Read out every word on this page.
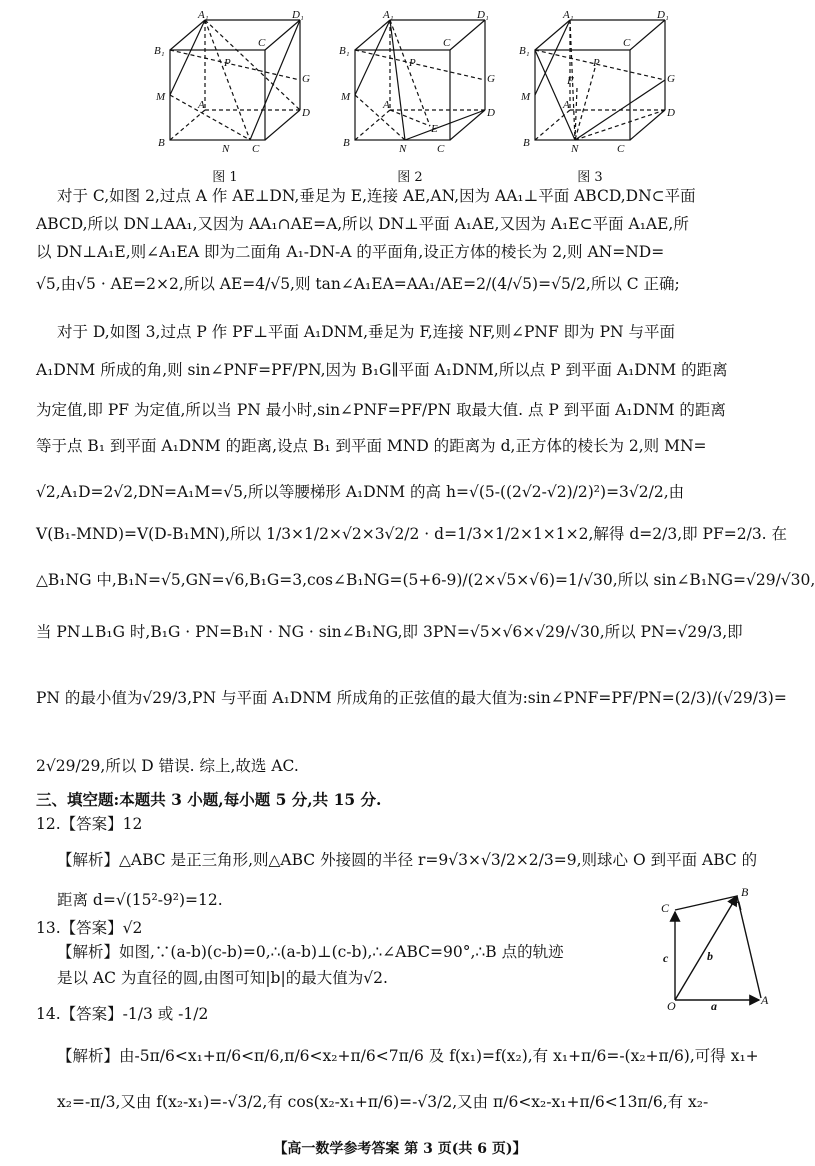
A₁	D₁
B₁
C
P
G
M
A
D
B	N C
图 1
A₁	D₁
B₁
C
P
G
M
A
D
B	N	C
E
图 2
A₁	D₁
B₁
C
P
G
M
A
D
B	N	C
F
图 3
对于 C,如图 2,过点 A 作 AE⊥DN,垂足为 E,连接 AE,AN,因为 AA₁⊥平面 ABCD,DN⊂平面
ABCD,所以 DN⊥AA₁,又因为 AA₁∩AE=A,所以 DN⊥平面 A₁AE,又因为 A₁E⊂平面 A₁AE,所
以 DN⊥A₁E,则∠A₁EA 即为二面角 A₁-DN-A 的平面角,设正方体的棱长为 2,则 AN=ND=
√5,由√5 · AE=2×2,所以 AE=4/√5,则 tan∠A₁EA=AA₁/AE=2/(4/√5)=√5/2,所以 C 正确;
对于 D,如图 3,过点 P 作 PF⊥平面 A₁DNM,垂足为 F,连接 NF,则∠PNF 即为 PN 与平面
A₁DNM 所成的角,则 sin∠PNF=PF/PN,因为 B₁G∥平面 A₁DNM,所以点 P 到平面 A₁DNM 的距离
为定值,即 PF 为定值,所以当 PN 最小时,sin∠PNF=PF/PN 取最大值. 点 P 到平面 A₁DNM 的距离
等于点 B₁ 到平面 A₁DNM 的距离,设点 B₁ 到平面 MND 的距离为 d,正方体的棱长为 2,则 MN=
√2,A₁D=2√2,DN=A₁M=√5,所以等腰梯形 A₁DNM 的高 h=√(5-((2√2-√2)/2)²)=3√2/2,由
V(B₁-MND)=V(D-B₁MN),所以 1/3×1/2×√2×3√2/2 · d=1/3×1/2×1×1×2,解得 d=2/3,即 PF=2/3. 在
△B₁NG 中,B₁N=√5,GN=√6,B₁G=3,cos∠B₁NG=(5+6-9)/(2×√5×√6)=1/√30,所以 sin∠B₁NG=√29/√30,
当 PN⊥B₁G 时,B₁G · PN=B₁N · NG · sin∠B₁NG,即 3PN=√5×√6×√29/√30,所以 PN=√29/3,即
PN 的最小值为√29/3,PN 与平面 A₁DNM 所成角的正弦值的最大值为:sin∠PNF=PF/PN=(2/3)/(√29/3)=
2√29/29,所以 D 错误. 综上,故选 AC.
三、填空题:本题共 3 小题,每小题 5 分,共 15 分.
12.【答案】12
【解析】△ABC 是正三角形,则△ABC 外接圆的半径 r=9√3×√3/2×2/3=9,则球心 O 到平面 ABC 的
距离 d=√(15²-9²)=12.
13.【答案】√2
【解析】如图,∵(a-b)(c-b)=0,∴(a-b)⊥(c-b),∴∠ABC=90°,∴B 点的轨迹
是以 AC 为直径的圆,由图可知|b|的最大值为√2.
C
B
c	b
O	a	A
14.【答案】-1/3 或 -1/2
【解析】由-5π/6<x₁+π/6<π/6,π/6<x₂+π/6<7π/6 及 f(x₁)=f(x₂),有 x₁+π/6=-(x₂+π/6),可得 x₁+
x₂=-π/3,又由 f(x₂-x₁)=-√3/2,有 cos(x₂-x₁+π/6)=-√3/2,又由 π/6<x₂-x₁+π/6<13π/6,有 x₂-
【高一数学参考答案 第 3 页(共 6 页)】
